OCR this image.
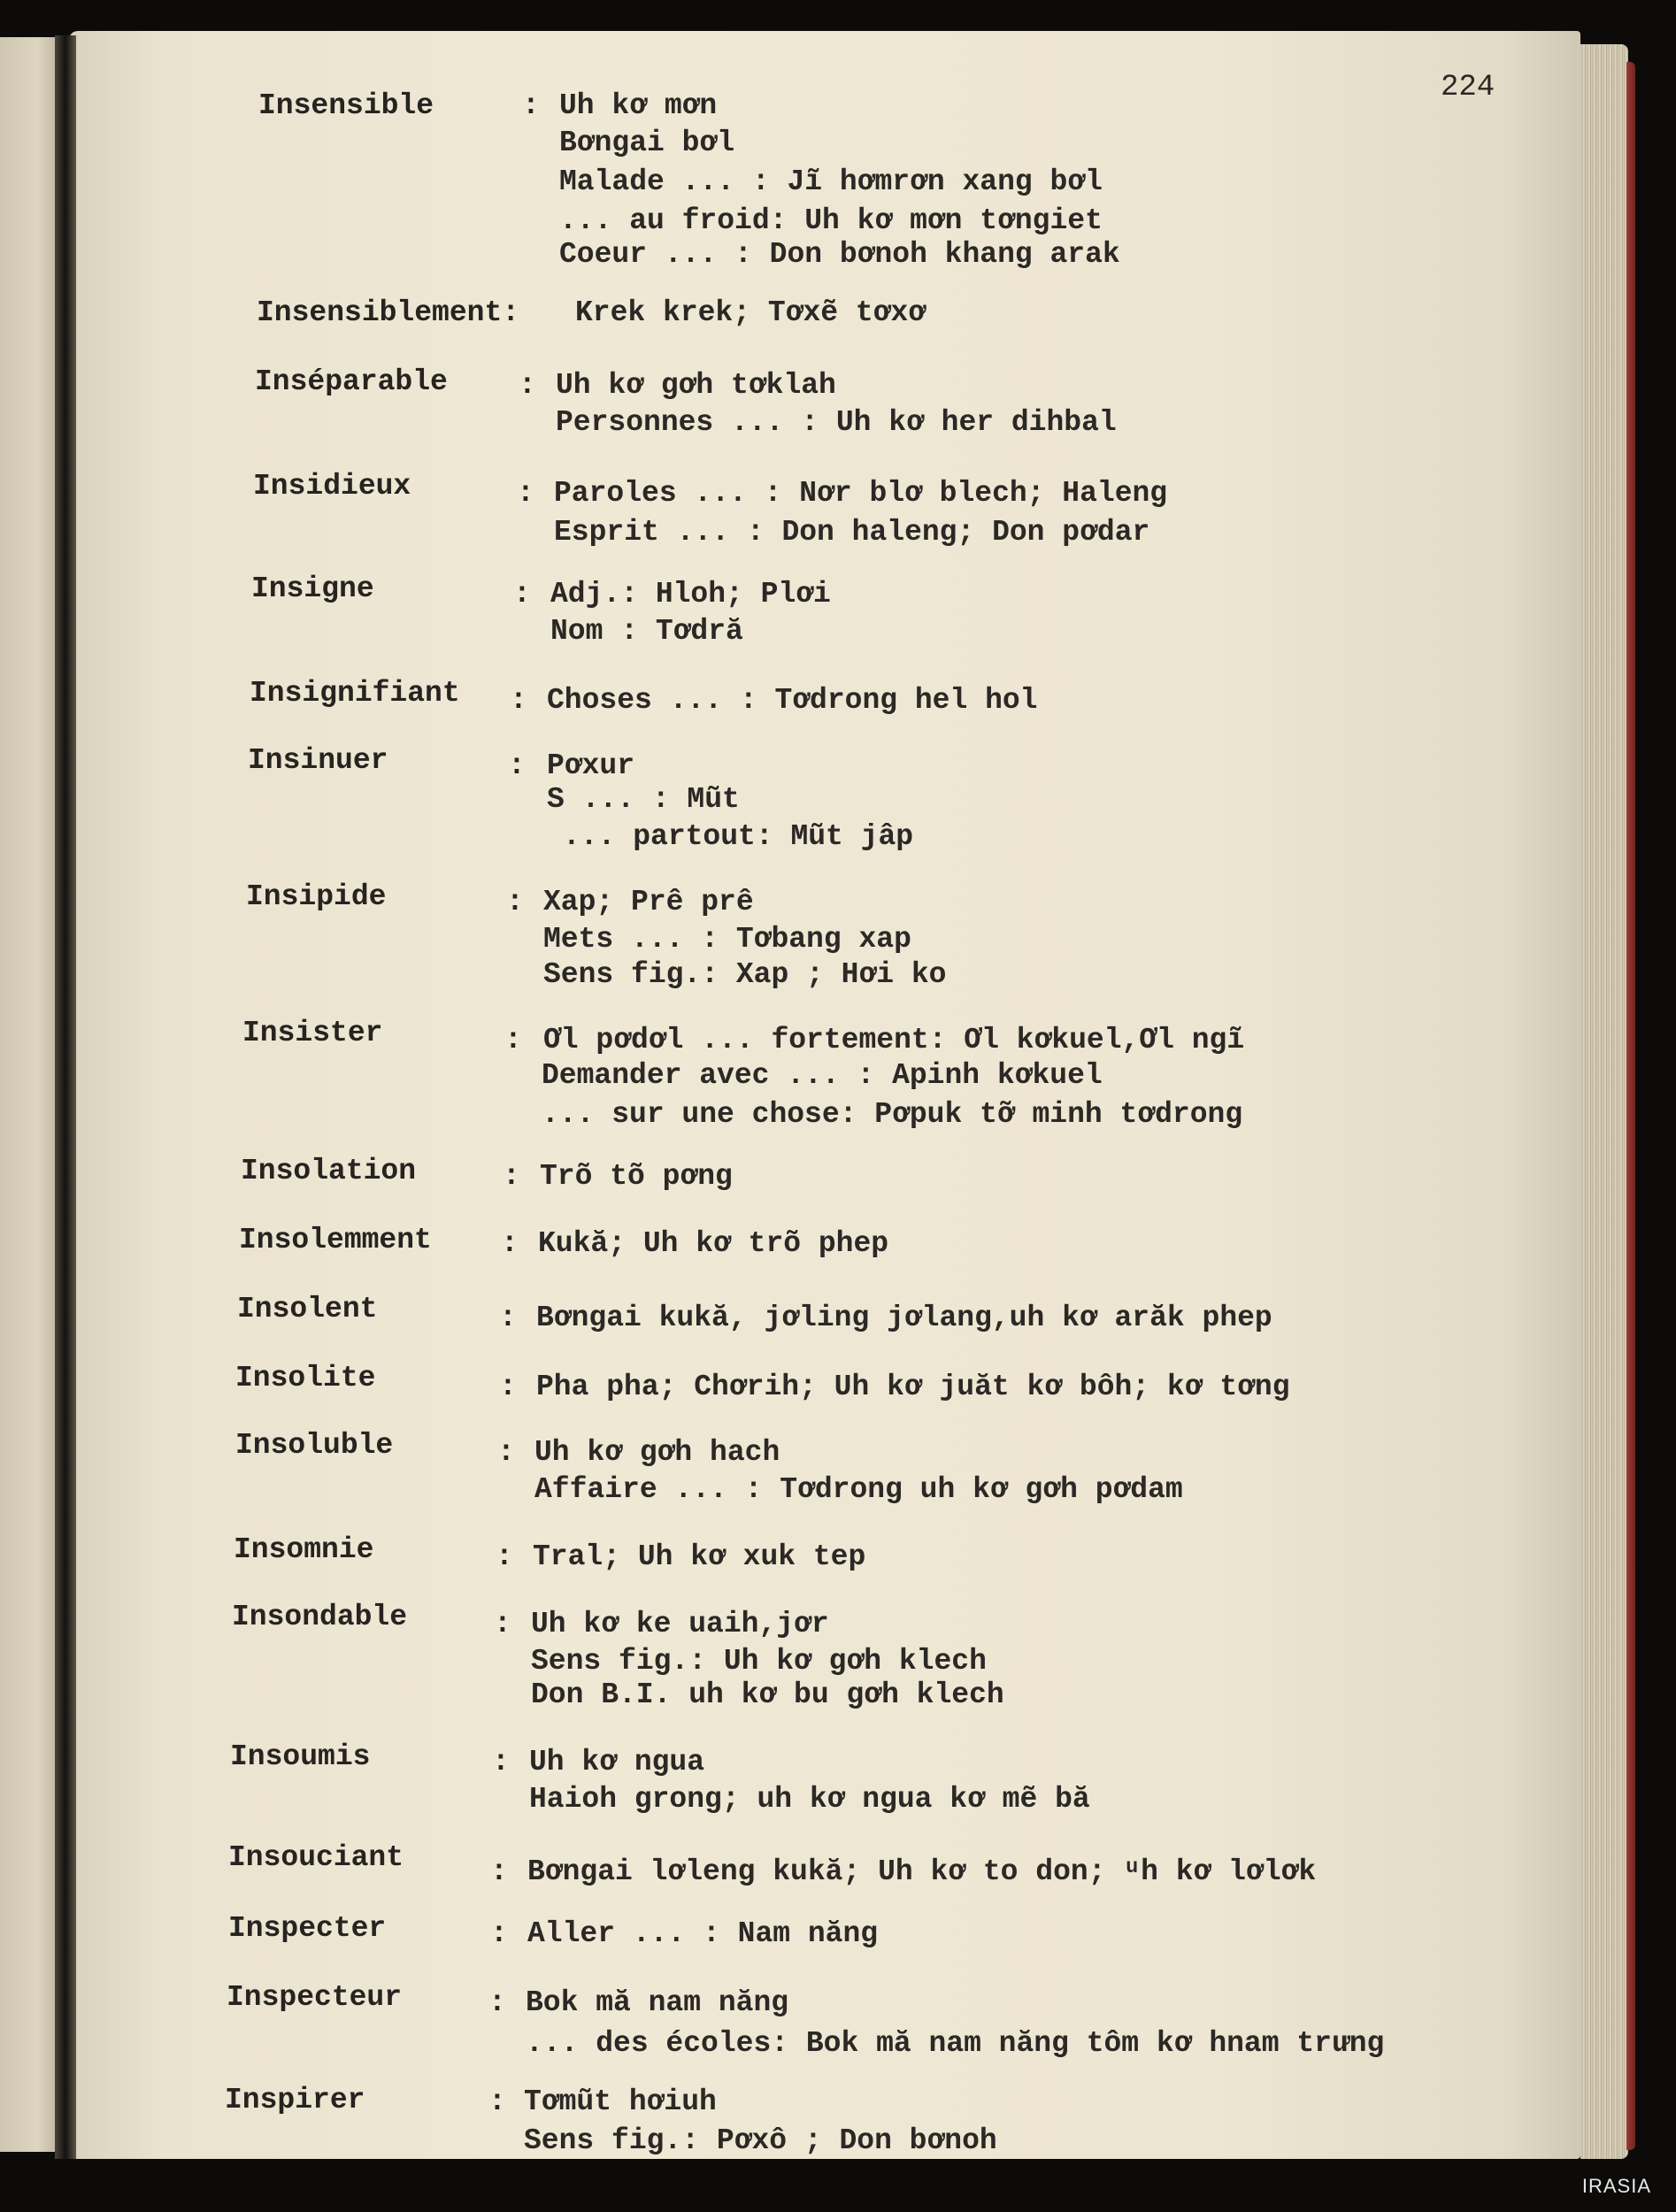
224
Insensible	: Uh kơ mơn
Bơngai bơl
Malade ... : Jĩ hơmrơn xang bơl
... au froid: Uh kơ mơn tơngiet
Coeur ... : Don bơnoh khang arak
Insensiblement: Krek krek; Tơxẽ tơxơ
Inséparable : Uh kơ gơh tơklah
Personnes ... : Uh kơ her dihbal
Insidieux	: Paroles ... : Nơr blơ blech; Haleng
Esprit ... : Don haleng; Don pơdar
Insigne	: Adj.: Hloh; Plơi
Nom : Tơdră
Insignifiant : Choses ... : Tơdrong hel hol
Insinuer	: Pơxur
S ... : Mũt
... partout: Mũt jâp
Insipide	: Xap; Prê prê
Mets ... : Tơbang xap
Sens fig.: Xap ; Hơi ko
Insister	: Ơl pơdơl ... fortement: Ơl kơkuel,Ơl ngĩ
Demander avec ... : Apinh kơkuel
... sur une chose: Pơpuk tỡ minh tơdrong
Insolation	: Trõ tõ pơng
Insolemment : Kukă; Uh kơ trõ phep
Insolent	: Bơngai kukă, jơling jơlang,uh kơ arăk phep
Insolite	: Pha pha; Chơrih; Uh kơ juăt kơ bôh; kơ tơng
Insoluble	: Uh kơ gơh hach
Affaire ... : Tơdrong uh kơ gơh pơdam
Insomnie	: Tral; Uh kơ xuk tep
Insondable	: Uh kơ ke uaih,jơr
Sens fig.: Uh kơ gơh klech
Don B.I. uh kơ bu gơh klech
Insoumis	: Uh kơ ngua
Haioh grong; uh kơ ngua kơ mẽ bă
Insouciant	: Bơngai lơleng kukă; Uh kơ to don; ᵘh kơ lơlơk
Inspecter	: Aller ... : Nam năng
Inspecteur	: Bok mă nam năng
... des écoles: Bok mă nam năng tôm kơ hnam trưng
Inspirer	: Tơmũt hơiuh
Sens fig.: Pơxô ; Don bơnoh
IRASIA
